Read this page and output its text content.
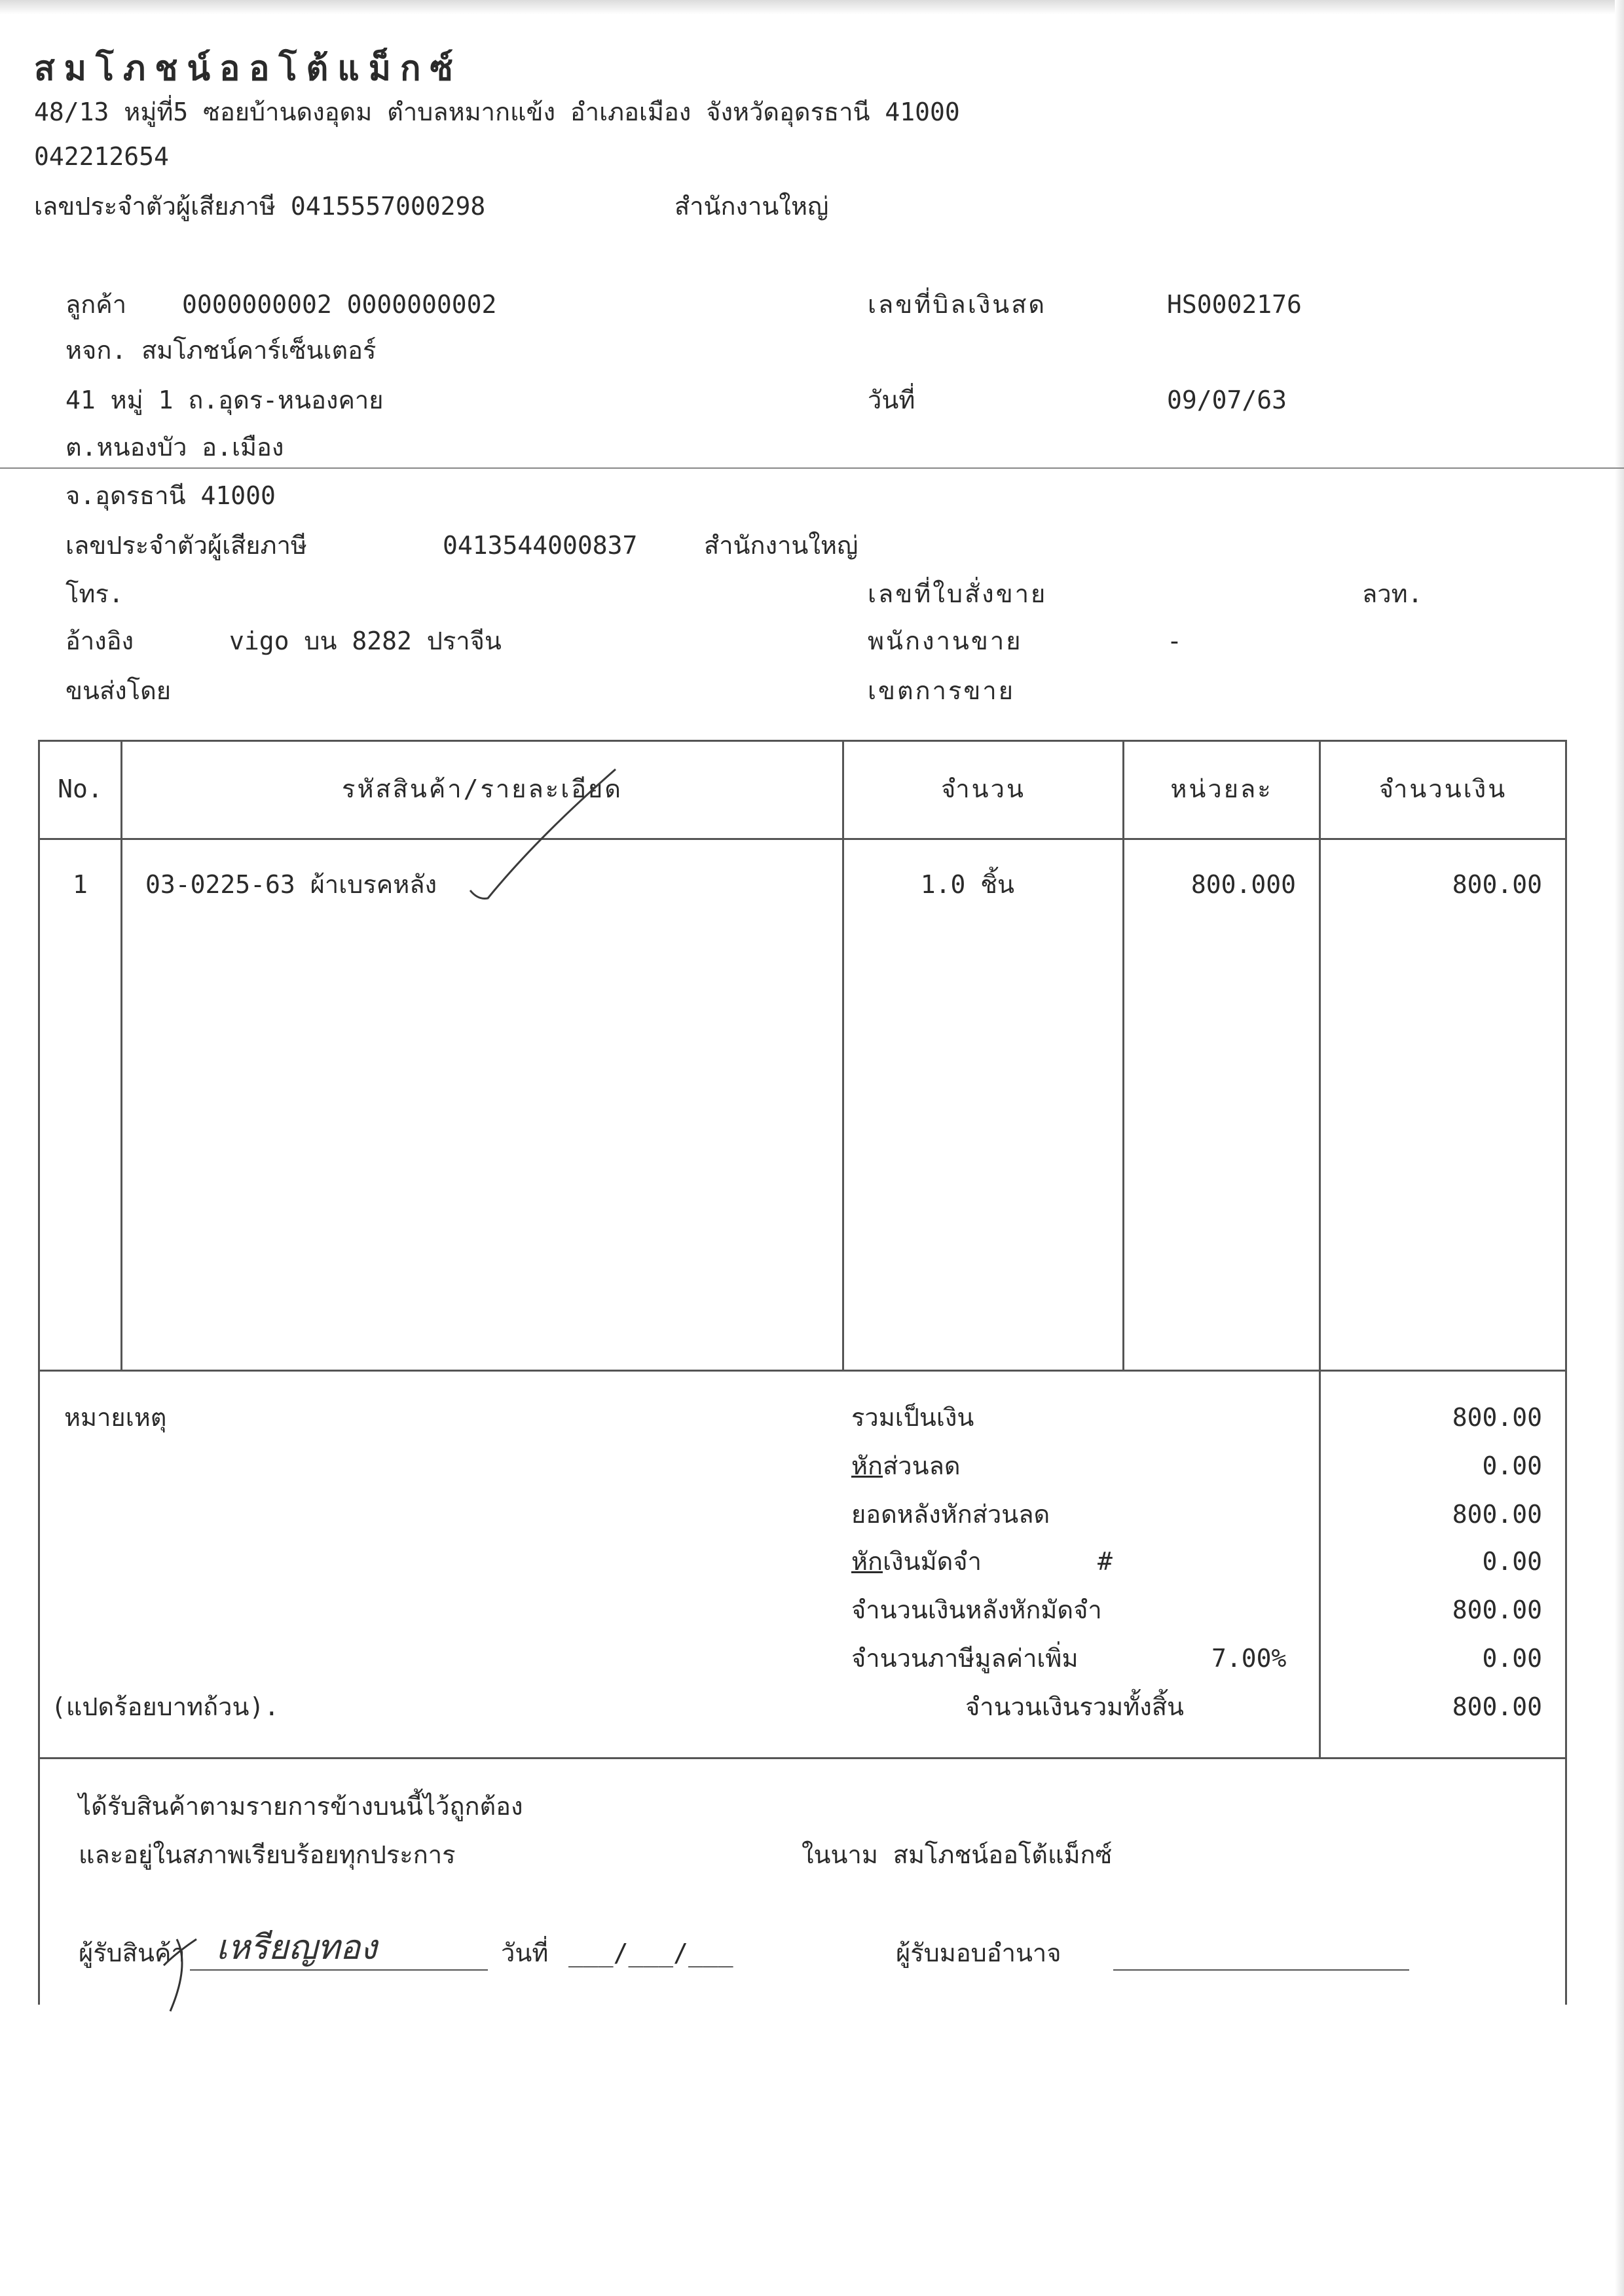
สมโภชน์ออโต้แม็กซ์
48/13 หมู่ที่5 ซอยบ้านดงอุดม ตำบลหมากแข้ง อำเภอเมือง จังหวัดอุดรธานี 41000
042212654
เลขประจำตัวผู้เสียภาษี 0415557000298	สำนักงานใหญ่
ลูกค้า 0000000002 0000000002	เลขที่บิลเงินสด	HS0002176
หจก. สมโภชน์คาร์เซ็นเตอร์
41 หมู่ 1 ถ.อุดร-หนองคาย	วันที่	09/07/63
ต.หนองบัว อ.เมือง
จ.อุดรธานี 41000
เลขประจำตัวผู้เสียภาษี	0413544000837	สำนักงานใหญ่
โทร.	เลขที่ใบสั่งขาย	ลวท.
อ้างอิง	vigo บน 8282 ปราจีน	พนักงานขาย	-
ขนส่งโดย	เขตการขาย
No.	รหัสสินค้า/รายละเอียด	จำนวน	หน่วยละ	จำนวนเงิน
1	03-0225-63 ผ้าเบรคหลัง	1.0 ชิ้น	800.000	800.00
หมายเหตุ	รวมเป็นเงิน	800.00
หักส่วนลด	0.00
ยอดหลังหักส่วนลด	800.00
หักเงินมัดจำ	#	0.00
จำนวนเงินหลังหักมัดจำ	800.00
จำนวนภาษีมูลค่าเพิ่ม	7.00%	0.00
(แปดร้อยบาทถ้วน).	จำนวนเงินรวมทั้งสิ้น	800.00
ได้รับสินค้าตามรายการข้างบนนี้ไว้ถูกต้อง
และอยู่ในสภาพเรียบร้อยทุกประการ	ในนาม สมโภชน์ออโต้แม็กซ์
ผู้รับสินค้า เหรียญทอง	วันที่ ___/___/___	ผู้รับมอบอำนาจ
